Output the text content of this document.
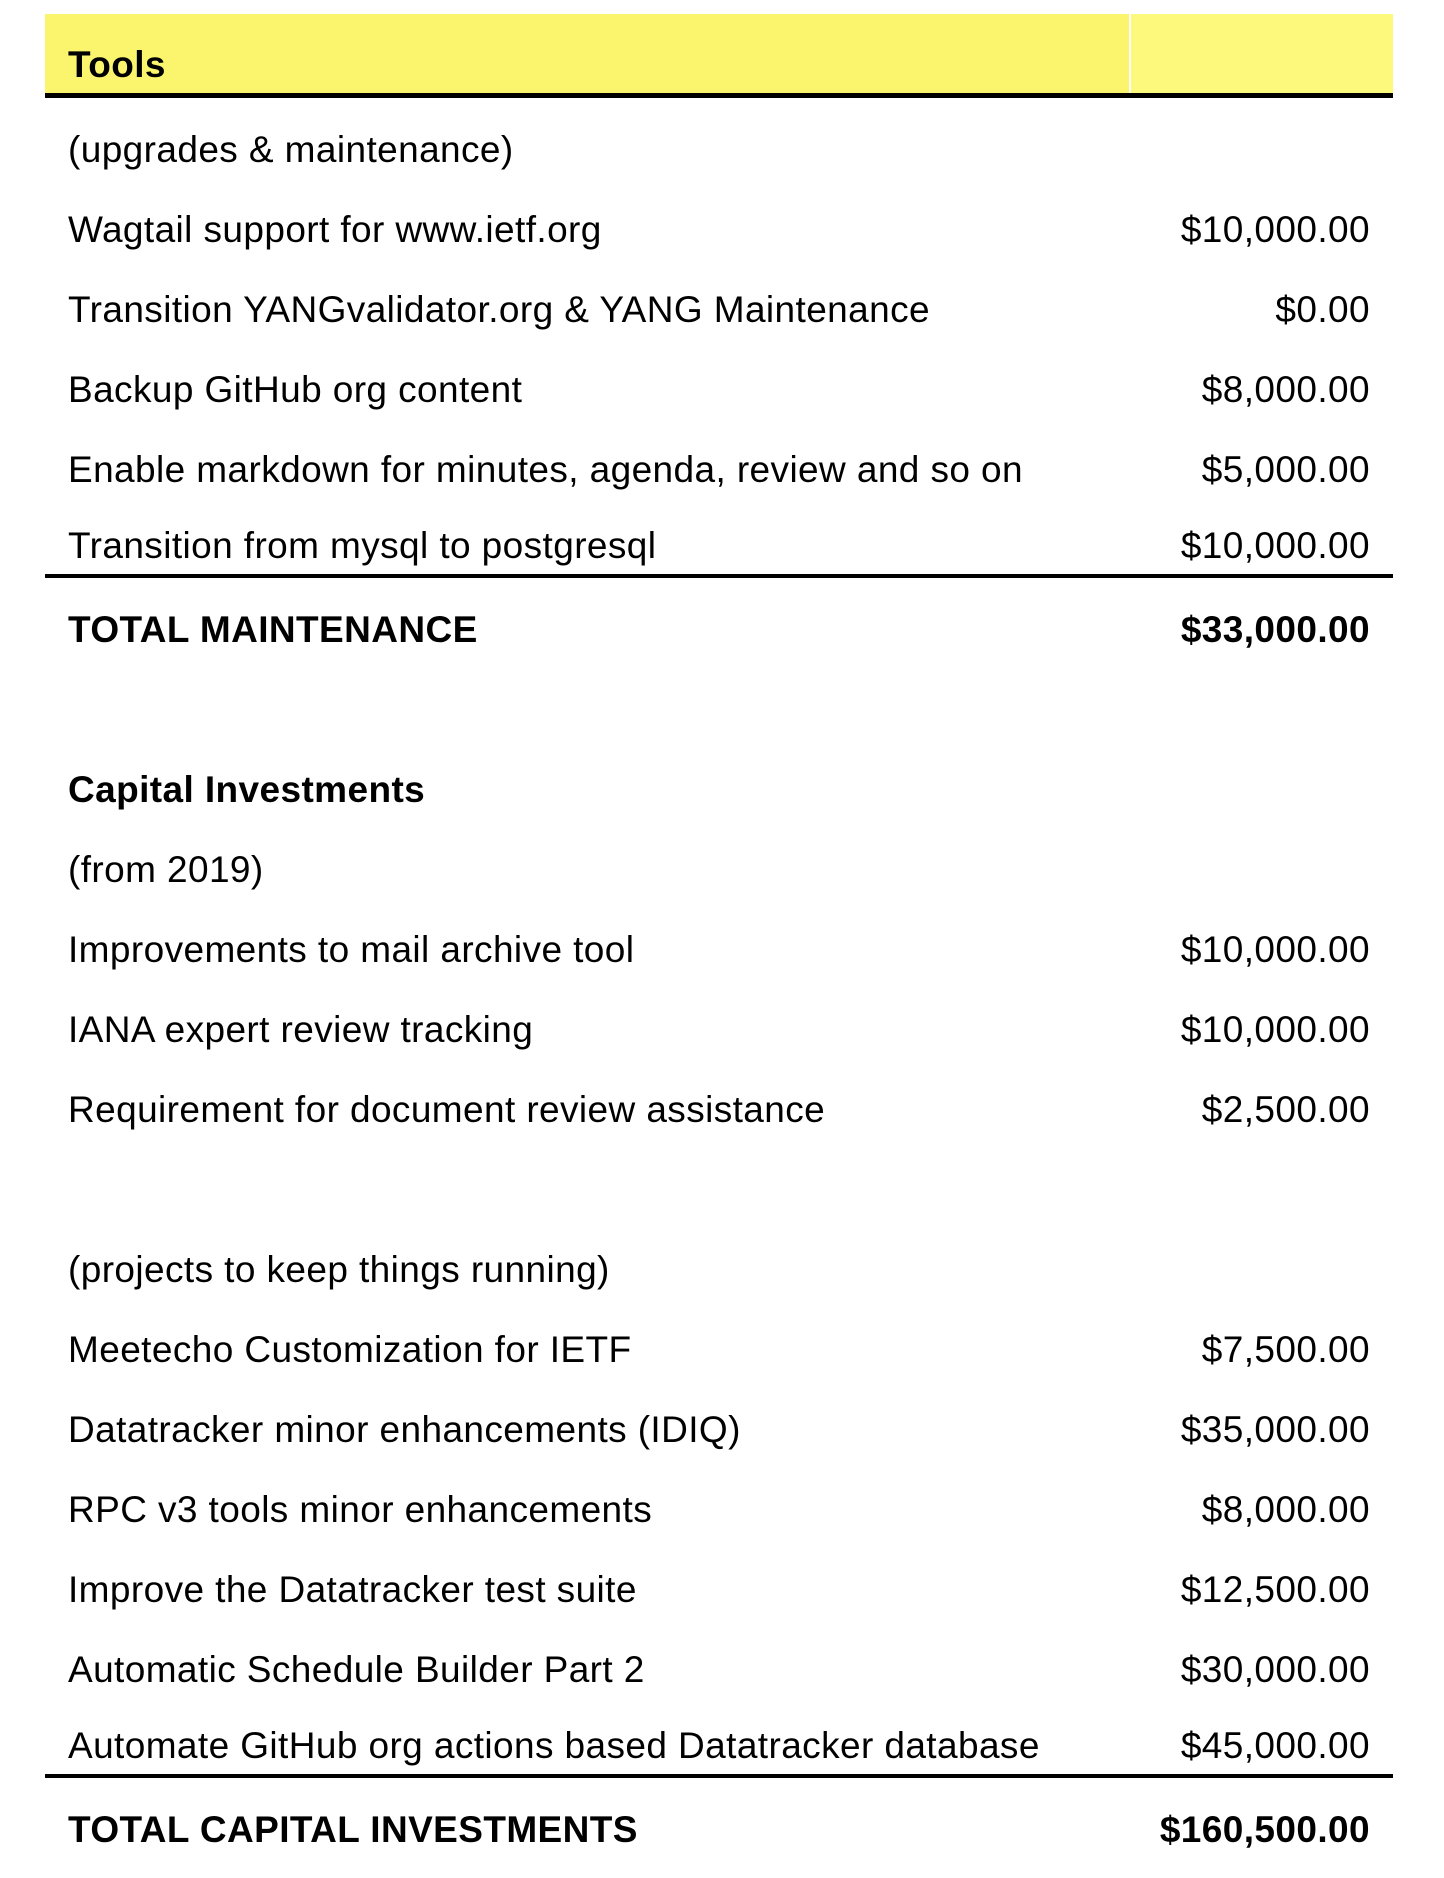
Tools
(upgrades & maintenance)
Wagtail support for www.ietf.org	$10,000.00
Transition YANGvalidator.org & YANG Maintenance	$0.00
Backup GitHub org content	$8,000.00
Enable markdown for minutes, agenda, review and so on	$5,000.00
Transition from mysql to postgresql	$10,000.00
TOTAL MAINTENANCE	$33,000.00
Capital Investments
(from 2019)
Improvements to mail archive tool	$10,000.00
IANA expert review tracking	$10,000.00
Requirement for document review assistance	$2,500.00
(projects to keep things running)
Meetecho Customization for IETF	$7,500.00
Datatracker minor enhancements (IDIQ)	$35,000.00
RPC v3 tools minor enhancements	$8,000.00
Improve the Datatracker test suite	$12,500.00
Automatic Schedule Builder Part 2	$30,000.00
Automate GitHub org actions based Datatracker database	$45,000.00
TOTAL CAPITAL INVESTMENTS	$160,500.00
